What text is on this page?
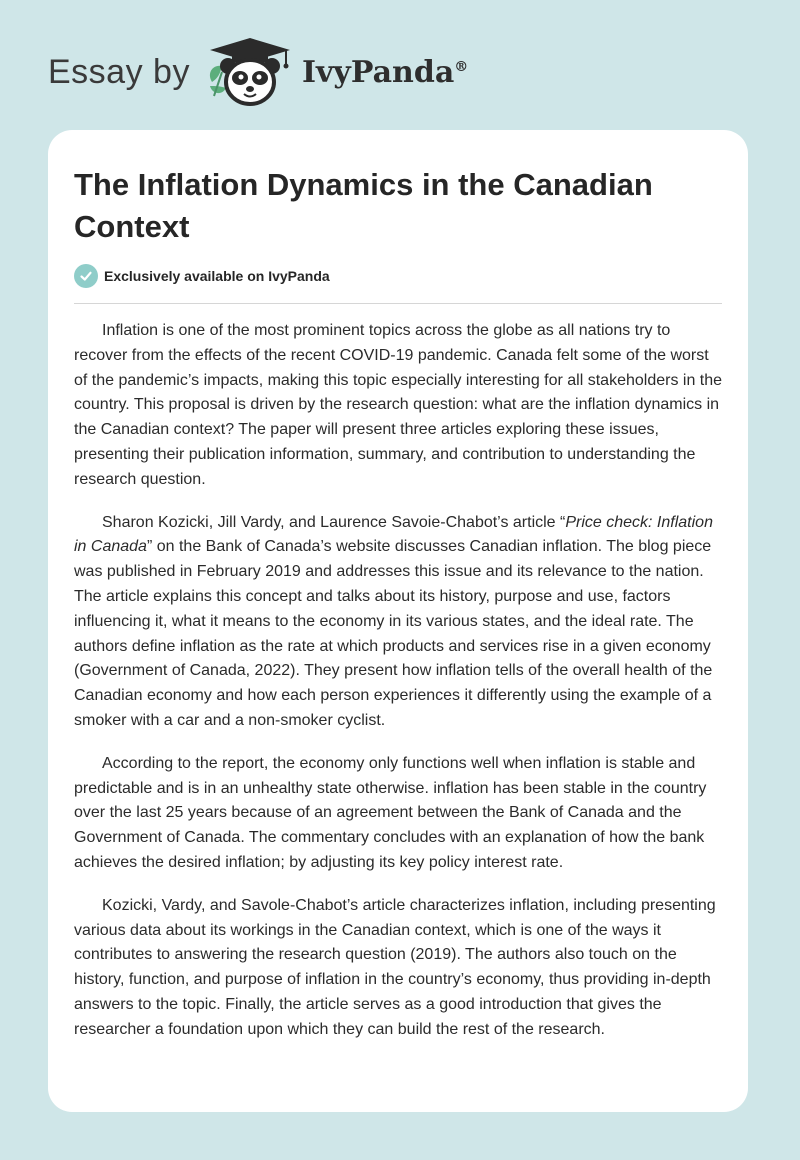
Essay by	IvyPanda®
The Inflation Dynamics in the Canadian Context
Exclusively available on IvyPanda

Inflation is one of the most prominent topics across the globe as all nations try to recover from the effects of the recent COVID-19 pandemic. Canada felt some of the worst of the pandemic’s impacts, making this topic especially interesting for all stakeholders in the country. This proposal is driven by the research question: what are the inflation dynamics in the Canadian context? The paper will present three articles exploring these issues, presenting their publication information, summary, and contribution to understanding the research question.

Sharon Kozicki, Jill Vardy, and Laurence Savoie-Chabot’s article “Price check: Inflation in Canada” on the Bank of Canada’s website discusses Canadian inflation. The blog piece was published in February 2019 and addresses this issue and its relevance to the nation. The article explains this concept and talks about its history, purpose and use, factors influencing it, what it means to the economy in its various states, and the ideal rate. The authors define inflation as the rate at which products and services rise in a given economy (Government of Canada, 2022). They present how inflation tells of the overall health of the Canadian economy and how each person experiences it differently using the example of a smoker with a car and a non-smoker cyclist.

According to the report, the economy only functions well when inflation is stable and predictable and is in an unhealthy state otherwise. inflation has been stable in the country over the last 25 years because of an agreement between the Bank of Canada and the Government of Canada. The commentary concludes with an explanation of how the bank achieves the desired inflation; by adjusting its key policy interest rate.

Kozicki, Vardy, and Savole-Chabot’s article characterizes inflation, including presenting various data about its workings in the Canadian context, which is one of the ways it contributes to answering the research question (2019). The authors also touch on the history, function, and purpose of inflation in the country’s economy, thus providing in-depth answers to the topic. Finally, the article serves as a good introduction that gives the researcher a foundation upon which they can build the rest of the research.
